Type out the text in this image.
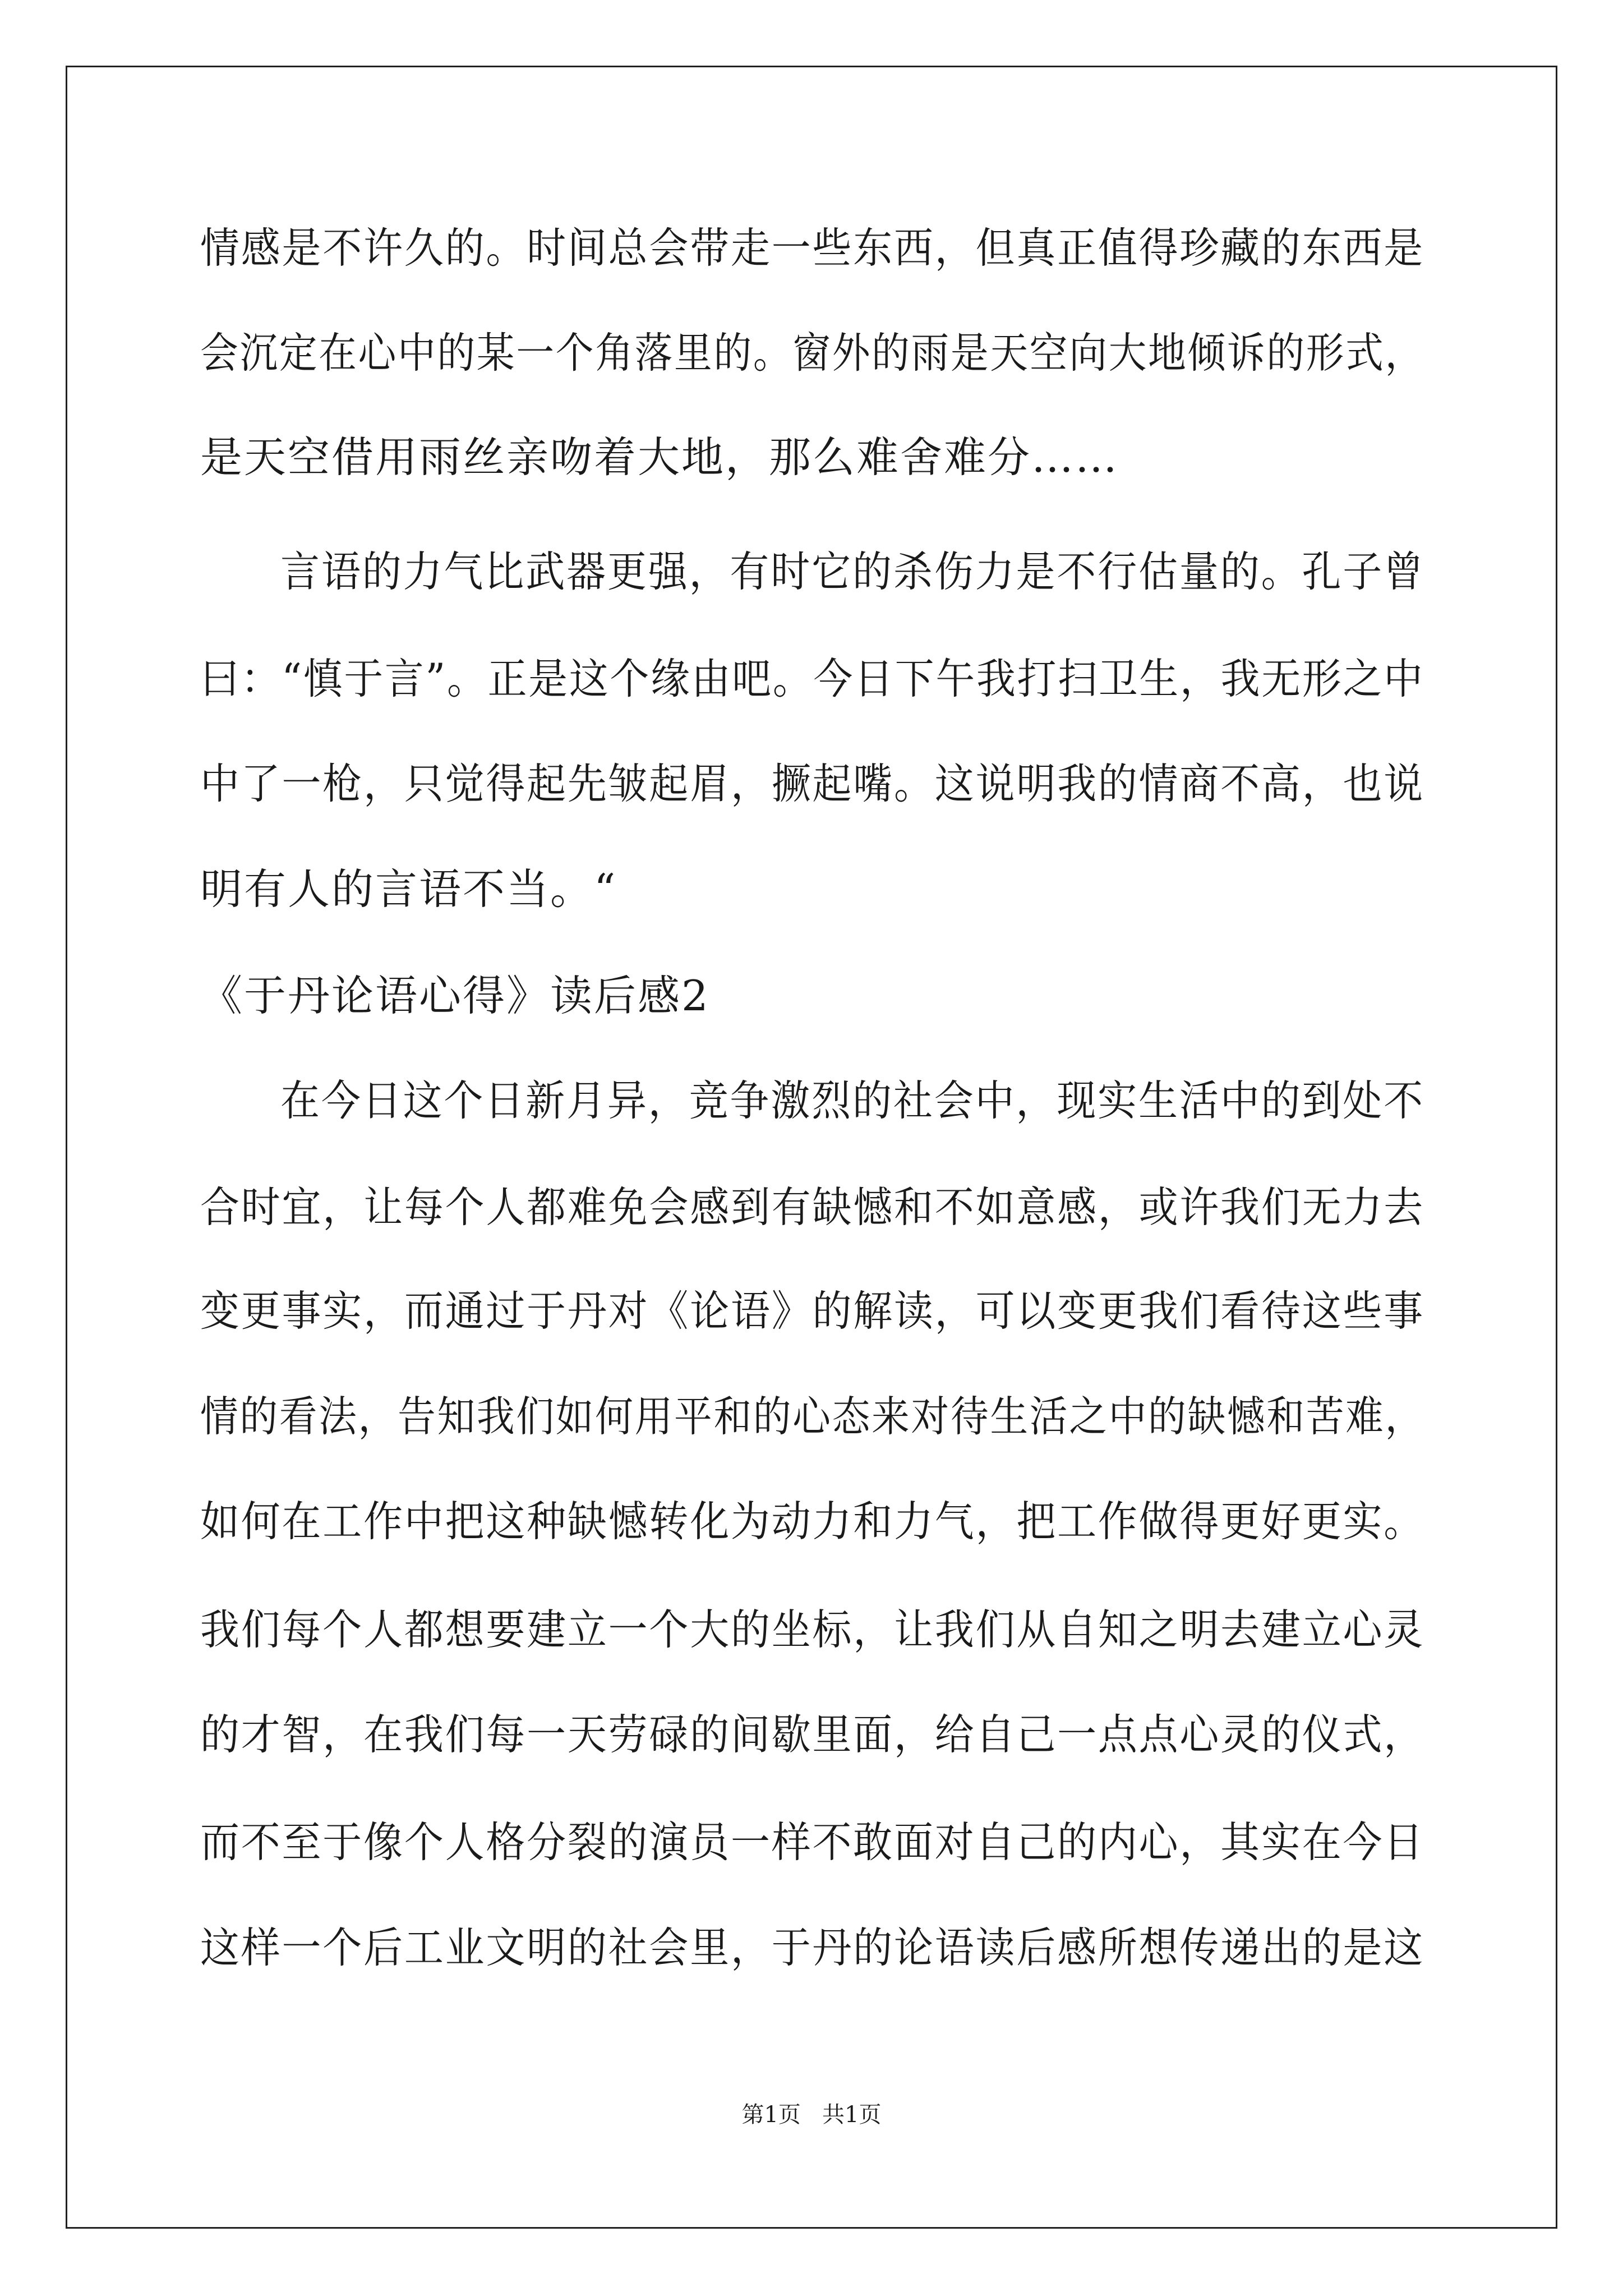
情感是不许久的。时间总会带走一些东西，但真正值得珍藏的东西是
会沉定在心中的某一个角落里的。窗外的雨是天空向大地倾诉的形式，
是天空借用雨丝亲吻着大地，那么难舍难分……
言语的力气比武器更强，有时它的杀伤力是不行估量的。孔子曾
曰：“慎于言”。正是这个缘由吧。今日下午我打扫卫生，我无形之中
中了一枪，只觉得起先皱起眉，撅起嘴。这说明我的情商不高，也说
明有人的言语不当。“
《于丹论语心得》读后感2
在今日这个日新月异，竞争激烈的社会中，现实生活中的到处不
合时宜，让每个人都难免会感到有缺憾和不如意感，或许我们无力去
变更事实，而通过于丹对《论语》的解读，可以变更我们看待这些事
情的看法，告知我们如何用平和的心态来对待生活之中的缺憾和苦难，
如何在工作中把这种缺憾转化为动力和力气，把工作做得更好更实。
我们每个人都想要建立一个大的坐标，让我们从自知之明去建立心灵
的才智，在我们每一天劳碌的间歇里面，给自己一点点心灵的仪式，
而不至于像个人格分裂的演员一样不敢面对自己的内心，其实在今日
这样一个后工业文明的社会里，于丹的论语读后感所想传递出的是这
第1页   共1页
